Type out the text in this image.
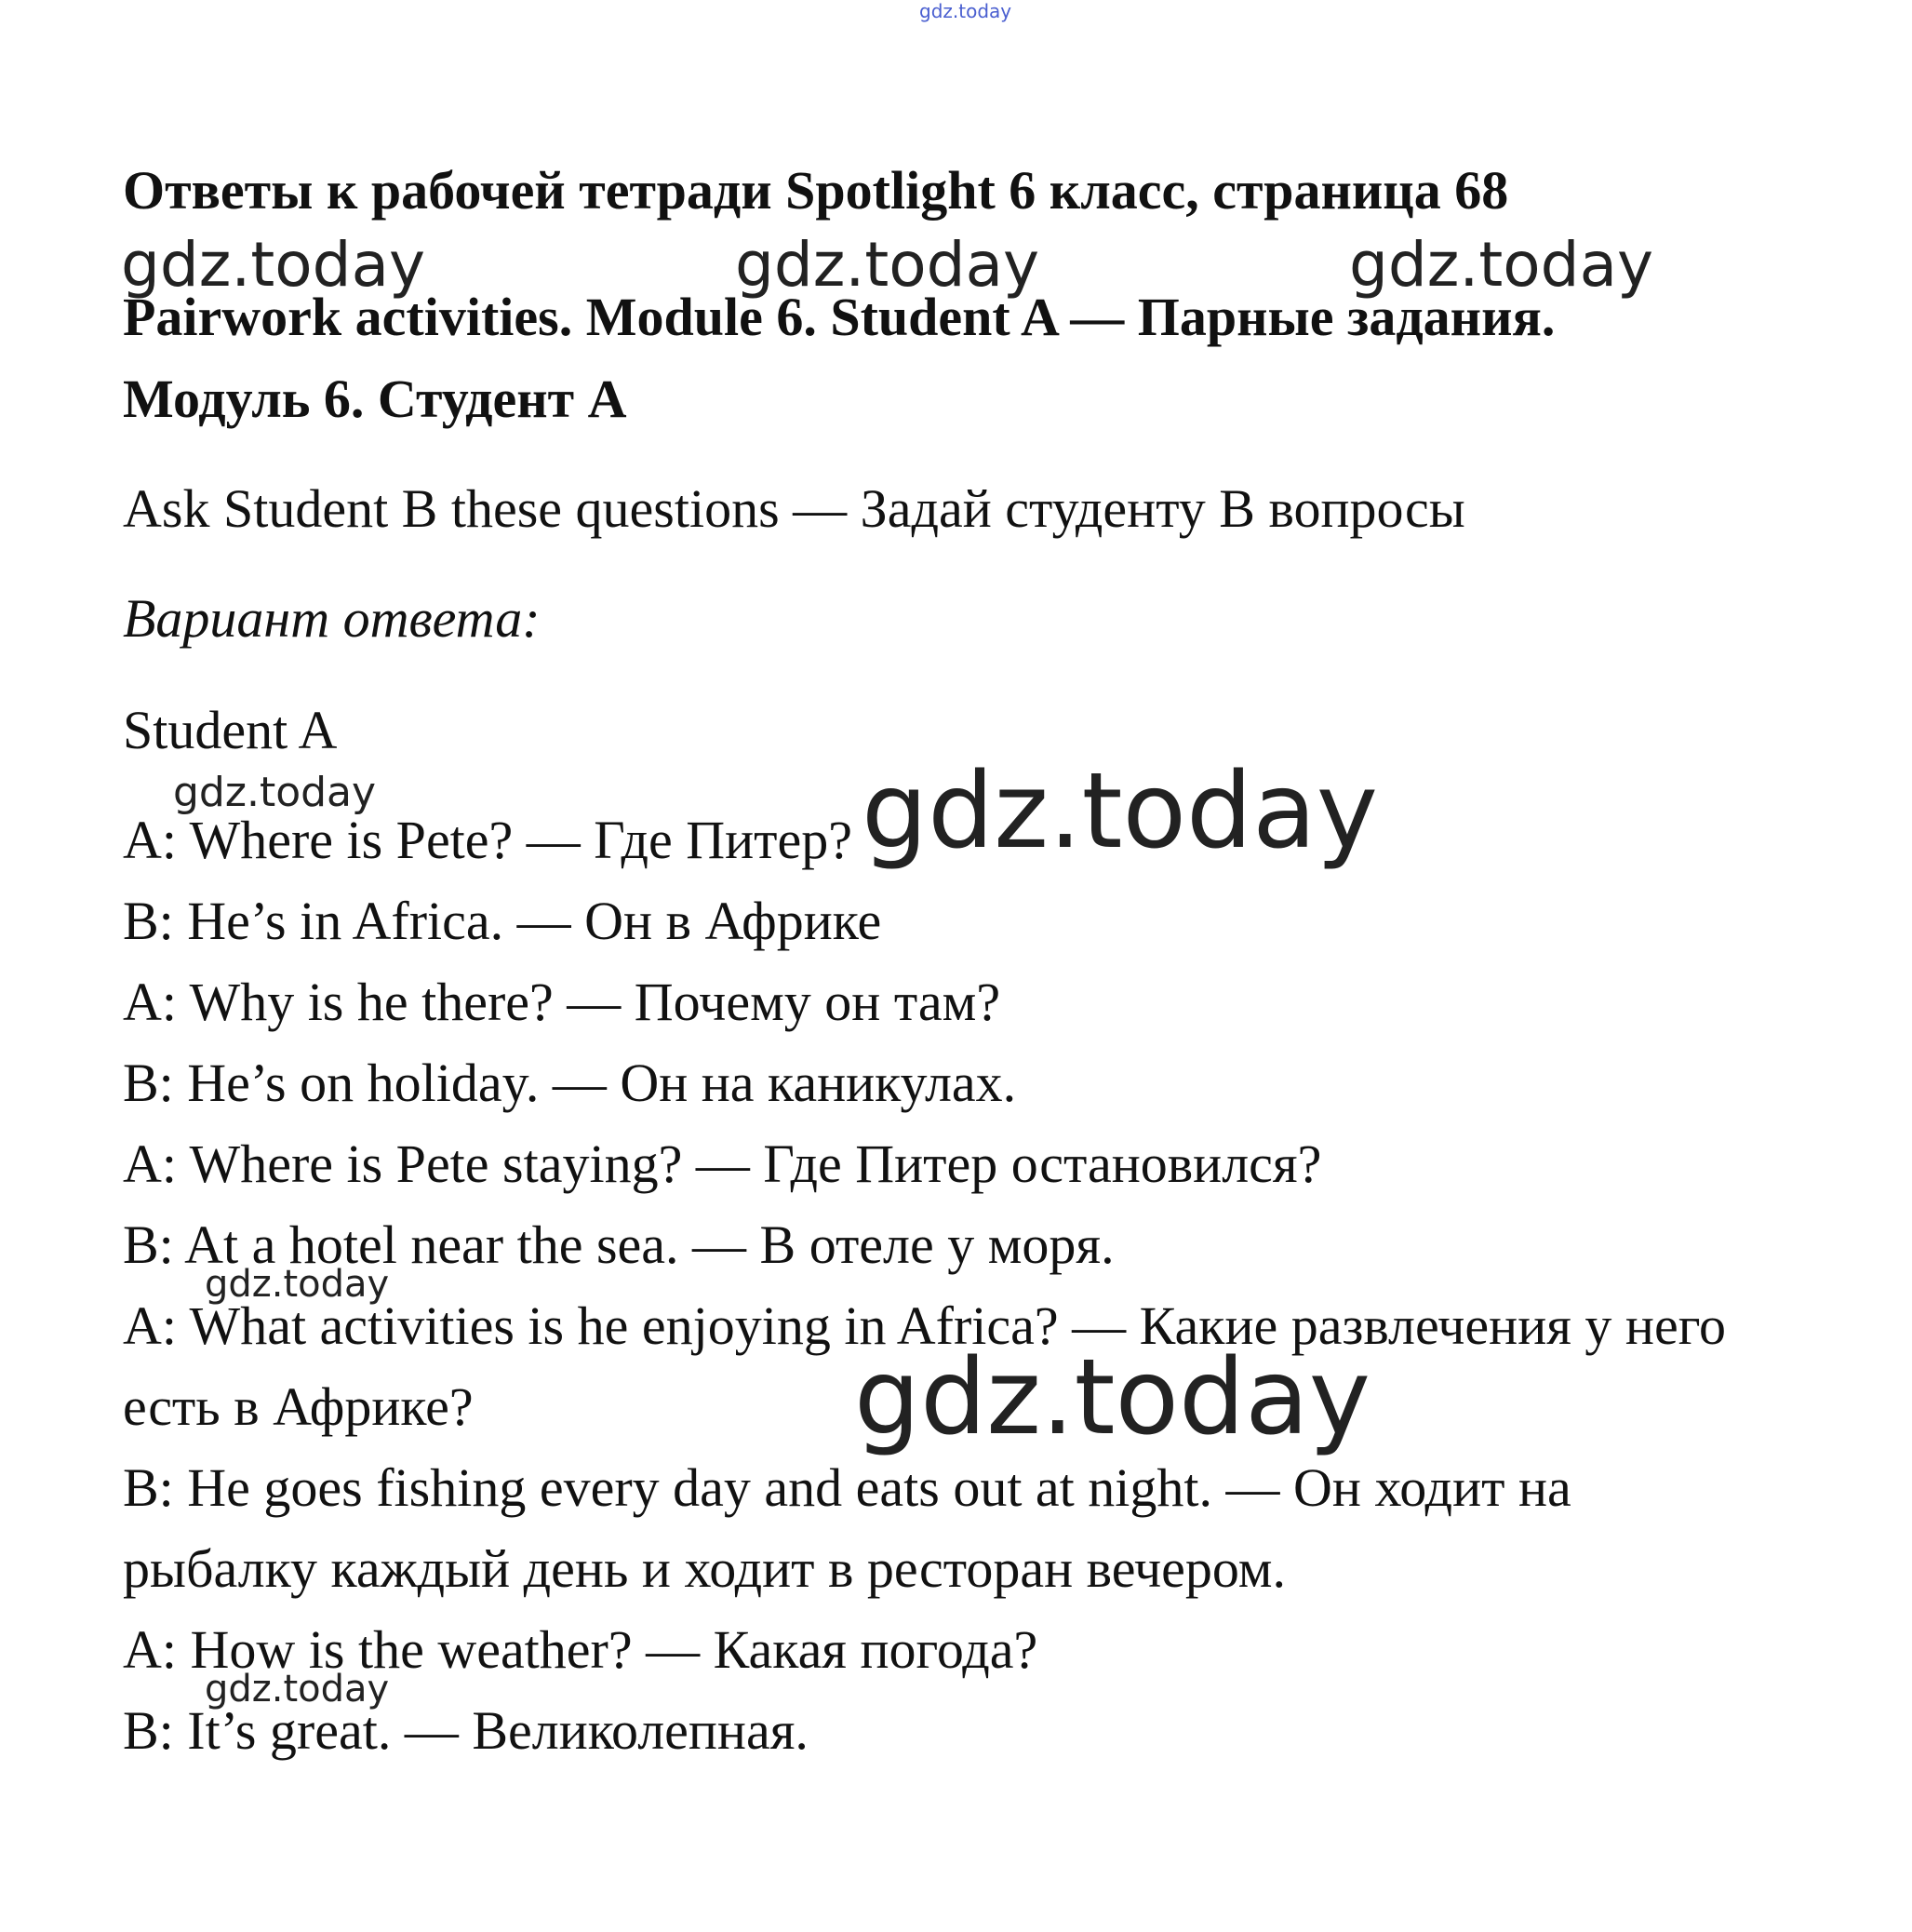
gdz.today
gdz.today	gdz.today	gdz.today
gdz.today	gdz.today
gdz.today
gdz.today
gdz.today
Ответы к рабочей тетради Spotlight 6 класс, страница 68
Pairwork activities. Module 6. Student A — Парные задания.
Модуль 6. Студент A
Ask Student B these questions — Задай студенту B вопросы
Вариант ответа:
Student A
A: Where is Pete? — Где Питер?
B: He’s in Africa. — Он в Африке
A: Why is he there? — Почему он там?
B: He’s on holiday. — Он на каникулах.
A: Where is Pete staying? — Где Питер остановился?
B: At a hotel near the sea. — В отеле у моря.
A: What activities is he enjoying in Africa? — Какие развлечения у него
есть в Африке?
B: He goes fishing every day and eats out at night. — Он ходит на
рыбалку каждый день и ходит в ресторан вечером.
A: How is the weather? — Какая погода?
B: It’s great. — Великолепная.
